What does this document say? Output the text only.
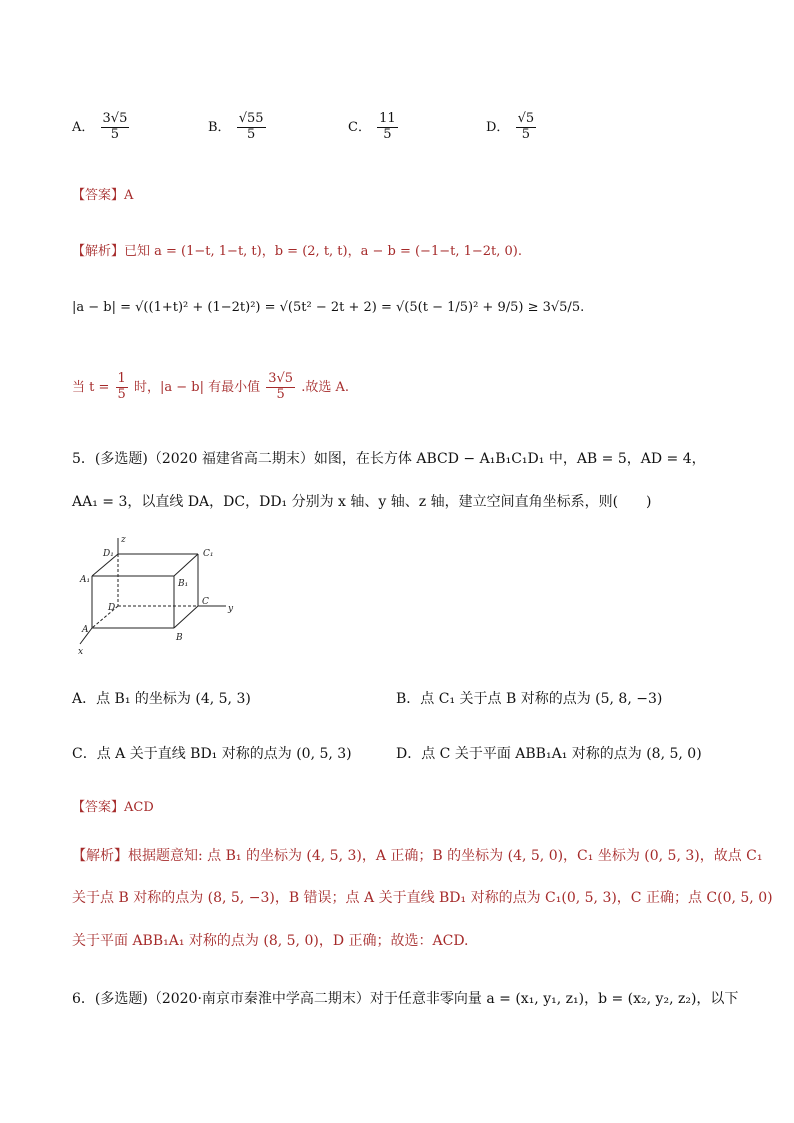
A． $\frac{3√5}{5}$	B． $\frac{√55}{5}$	C． $\frac{11}{5}$	D． $\frac{√5}{5}$
【答案】A
【解析】已知 a = (1−t, 1−t, t)，b = (2, t, t)，a − b = (−1−t, 1−2t, 0).
|a − b| = √((1+t)² + (1−2t)²) = √(5t² − 2t + 2) = √(5(t − 1/5)² + 9/5) ≥ 3√5/5.
当 $t = \frac{1}{5}$ 时，|a − b| 有最小值 $\frac{3√5}{5}$ .故选 A.
5．(多选题)（2020 福建省高二期末）如图，在长方体 ABCD − A₁B₁C₁D₁ 中，AB = 5，AD = 4，
AA₁ = 3，以直线 DA，DC，DD₁ 分别为 x 轴、y 轴、z 轴，建立空间直角坐标系，则(　　)
z
D₁	C₁
A₁	B₁
D
C
y
A
B
x
A．点 B₁ 的坐标为 (4, 5, 3)	B．点 C₁ 关于点 B 对称的点为 (5, 8, −3)
C．点 A 关于直线 BD₁ 对称的点为 (0, 5, 3)	D．点 C 关于平面 ABB₁A₁ 对称的点为 (8, 5, 0)
【答案】ACD
【解析】根据题意知: 点 B₁ 的坐标为 (4, 5, 3)，A 正确；B 的坐标为 (4, 5, 0)，C₁ 坐标为 (0, 5, 3)，故点 C₁
关于点 B 对称的点为 (8, 5, −3)，B 错误；点 A 关于直线 BD₁ 对称的点为 C₁(0, 5, 3)，C 正确；点 C(0, 5, 0)
关于平面 ABB₁A₁ 对称的点为 (8, 5, 0)，D 正确；故选：ACD.
6．(多选题)（2020·南京市秦淮中学高二期末）对于任意非零向量 a = (x₁, y₁, z₁)，b = (x₂, y₂, z₂)，以下
